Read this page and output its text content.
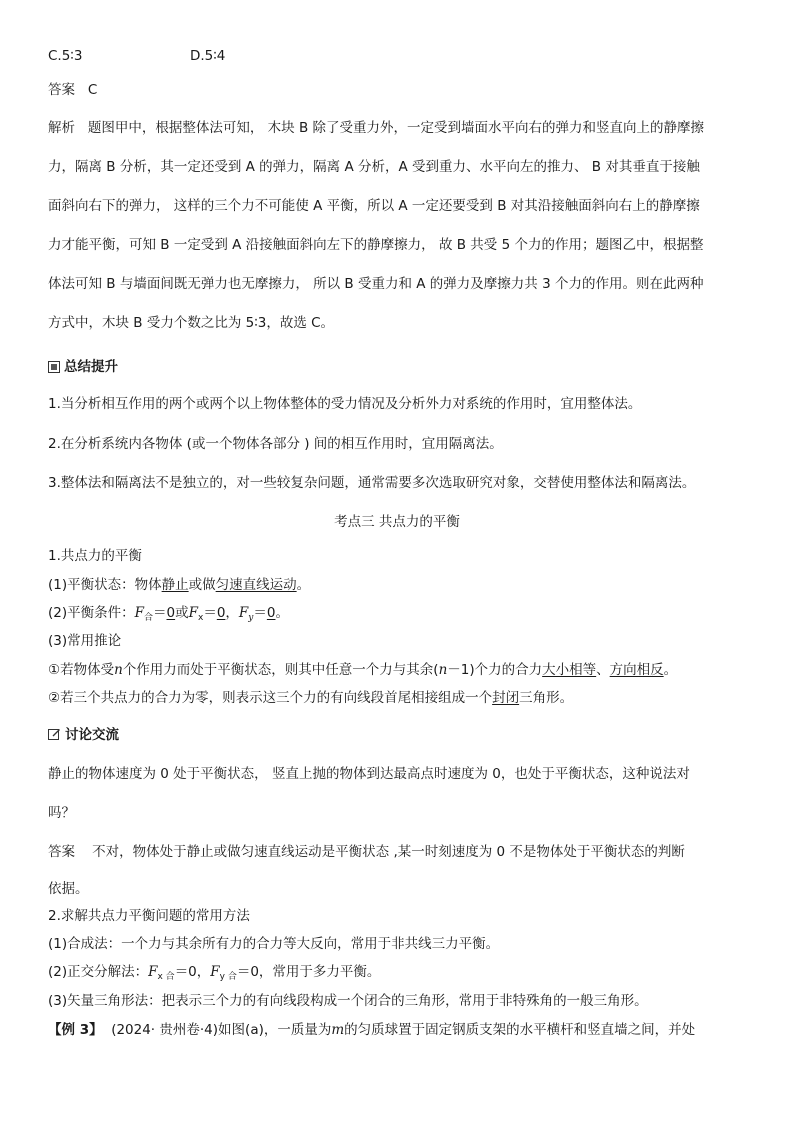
C.5∶3	D.5∶4
答案 C
解析 题图甲中，根据整体法可知， 木块 B 除了受重力外，一定受到墙面水平向右的弹力和竖直向上的静摩擦
力，隔离 B 分析，其一定还受到 A 的弹力，隔离 A 分析，A 受到重力、水平向左的推力、 B 对其垂直于接触
面斜向右下的弹力， 这样的三个力不可能使 A 平衡，所以 A 一定还要受到 B 对其沿接触面斜向右上的静摩擦
力才能平衡，可知 B 一定受到 A 沿接触面斜向左下的静摩擦力， 故 B 共受 5 个力的作用；题图乙中，根据整
体法可知 B 与墙面间既无弹力也无摩擦力， 所以 B 受重力和 A 的弹力及摩擦力共 3 个力的作用。则在此两种
方式中，木块 B 受力个数之比为 5∶3，故选 C。
总结提升
1.当分析相互作用的两个或两个以上物体整体的受力情况及分析外力对系统的作用时，宜用整体法。
2.在分析系统内各物体 (或一个物体各部分 ) 间的相互作用时，宜用隔离法。
3.整体法和隔离法不是独立的，对一些较复杂问题，通常需要多次选取研究对象，交替使用整体法和隔离法。
考点三 共点力的平衡
1.共点力的平衡
(1)平衡状态：物体静止或做匀速直线运动。
(2)平衡条件：$F_合=0$或$F_x=0$，$F_y=0$。
(3)常用推论
①若物体受n个作用力而处于平衡状态，则其中任意一个力与其余(n－1)个力的合力大小相等、方向相反。
②若三个共点力的合力为零，则表示这三个力的有向线段首尾相接组成一个封闭三角形。
讨论交流
静止的物体速度为 0 处于平衡状态， 竖直上抛的物体到达最高点时速度为 0，也处于平衡状态，这种说法对
吗？
答案 不对，物体处于静止或做匀速直线运动是平衡状态 ,某一时刻速度为 0 不是物体处于平衡状态的判断
依据。
2.求解共点力平衡问题的常用方法
(1)合成法：一个力与其余所有力的合力等大反向，常用于非共线三力平衡。
(2)正交分解法：$F_{x 合}=0$，$F_{y 合}=0$，常用于多力平衡。
(3)矢量三角形法：把表示三个力的有向线段构成一个闭合的三角形，常用于非特殊角的一般三角形。
【例 3】 (2024· 贵州卷·4)如图(a)，一质量为m的匀质球置于固定钢质支架的水平横杆和竖直墙之间，并处
